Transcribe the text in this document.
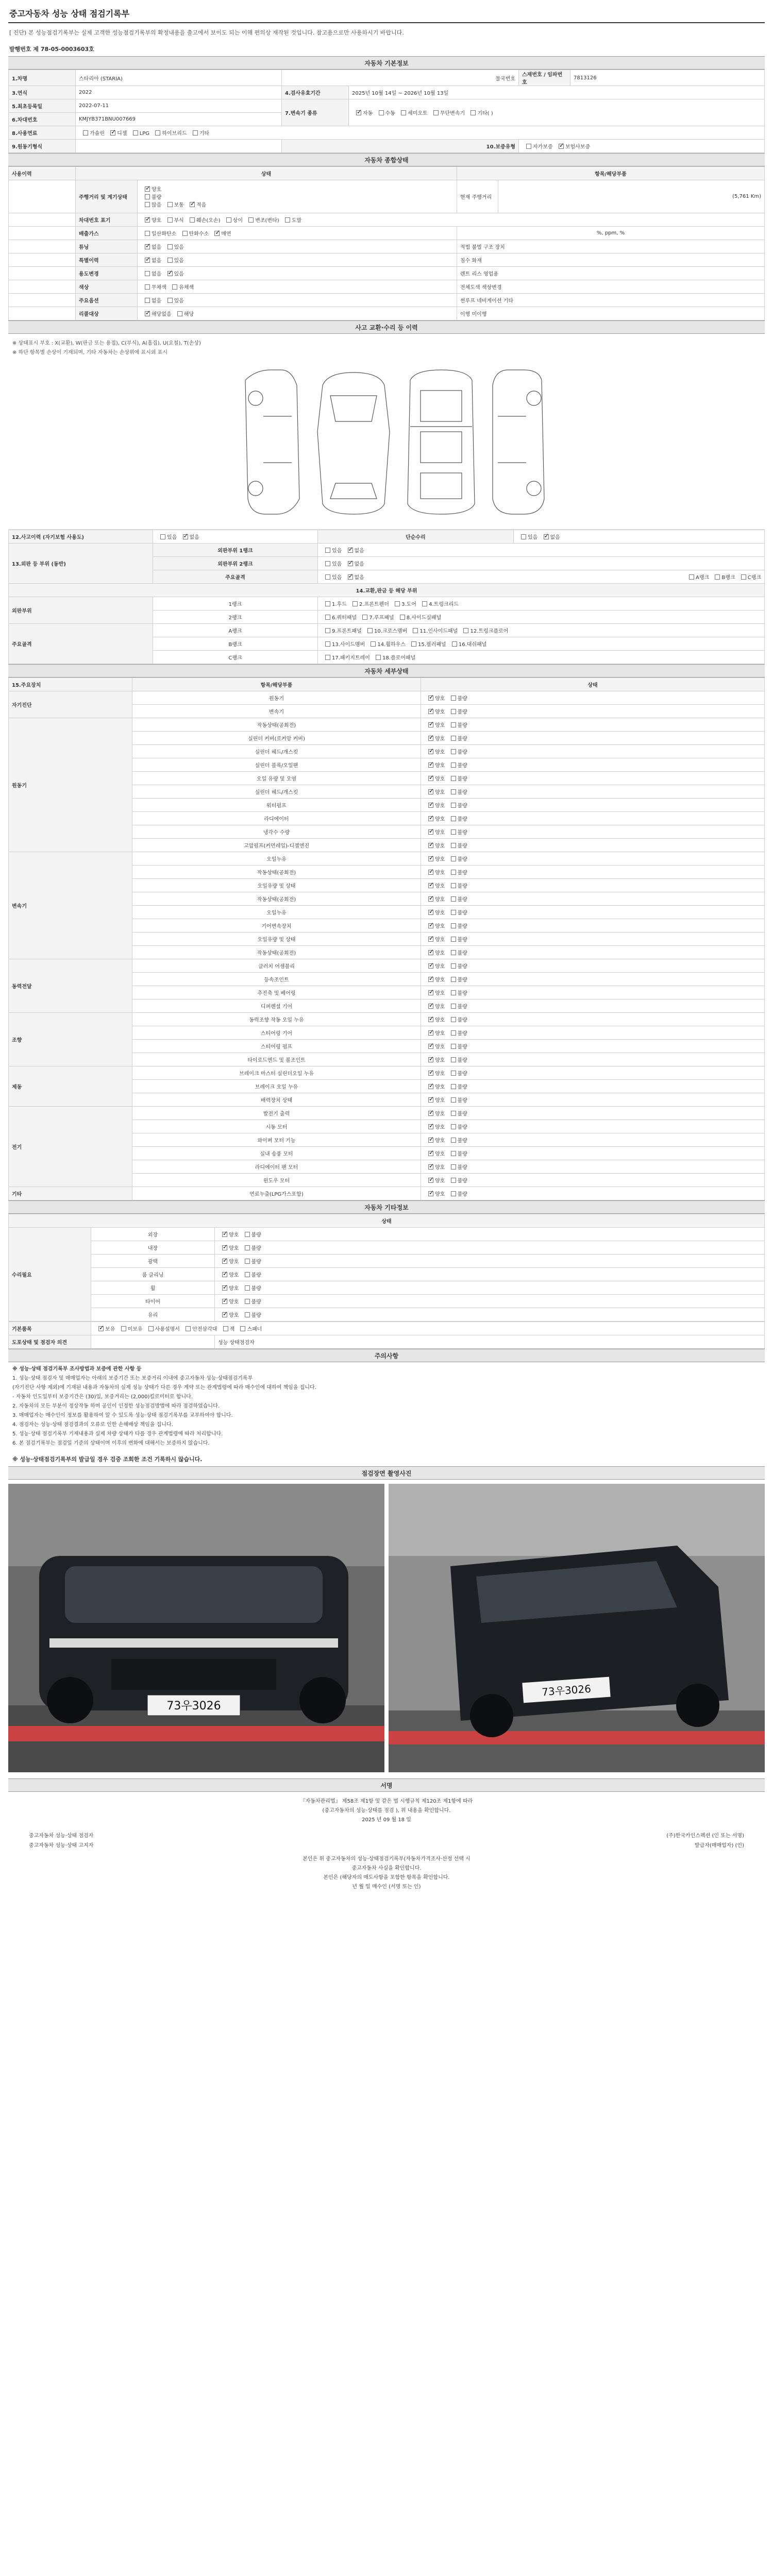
중고자동차 성능 상태 점검기록부
[ 진단) 본 성능점검기록부는 실제 고객한 성능점검기록부의 확정내용을 출고에서 보이도 되는 이해 편의상 재작된 것입니다. 참고용으로만 사용하시기 바랍니다.
발행번호 제 78-05-0003603호
자동차 기본정보
1.차명	스타리아 (STARIA)	물국번호		스재번호 / 임파번호	7813126
3.연식	2022	4.검사유효기간	2025년 10월 14일 ~ 2026년 10월 13일		
5.최초등록일	2022-07-11	7.변속기 종류	✓자동 수동 세미오토 무단변속기 기타( )
6.차대번호	KMJYB371BNU007669				
8.사용연료	가솔린 ✓ 디젤 LPG 하이브리드 기타
9.원동기형식		10.보증유형		자가보증 ✓ 보험사보증
자동차 종합상태
사용이력	상태		항목/해당부품	
	주행거리 및 계기상태	
✓양호
불량
많음 보통 ✓적음	현재 주행거리	(5,761 Km)
	차대번호 표기	✓양호 부식 훼손(오손) 상이 변조(변타) 도말
	배출가스	일산화탄소 탄화수소 ✓ 매연	%, ppm, %	
	튜닝	✓없음 있음	적법 불법 구조 장치	
	특별이력	✓없음 있음	침수 화재	
	용도변경	없음 ✓ 있음	렌트 리스 영업용	
	색상	무채색 유채색	전체도색 색상변경	
	주요옵션	없음 있음	썬루프 네비게이션 기타	
	리콜대상	✓해당없음 해당	이행 미이행	
사고 교환·수리 등 이력
※ 상태표시 부호 : X(교환), W(판금 또는 용접), C(부식), A(흠집), U(요철), T(손상)
※ 하단 항목별 손상이 기재되며, 기타 자동차는 손상위에 표시외 표시
12.사고이력 (자기보험 사용도)	있음 ✓없음	단순수리	있음 ✓없음
13.외판 등 부위 (동반)	외판부위 1랭크	있음 ✓없음
	외판부위 2랭크	있음 ✓없음
	주요골격	있음 ✓없음 A랭크 B랭크 C랭크

14.교환,판금 등 해당 부위			
외판부위	1랭크	1.후드 2.프론트펜더 3.도어 4.트렁크리드	
	2랭크	6.쿼터패널 7.루프패널 8.사이드실패널	
주요골격	A랭크	9.프론트패널 10.크로스멤버 11.인사이드패널 12.트렁크플로어	
	B랭크	13.사이드멤버 14.휠하우스 15.필러패널 16.대쉬패널	
	C랭크	17.패키지트레이 18.플로어패널	
자동차 세부상태
15.주요장치	항목/해당부품	상태
자기진단	원동기	✓양호 불량
	변속기	✓양호 불량
원동기	작동상태(공회전)	✓양호 불량
	실린더 커버(로커암 커버)	✓양호 불량
	실린더 헤드/개스킷	✓양호 불량
	실린더 블록/오일팬	✓양호 불량
	오일 유량 및 오염	✓양호 불량
	실린더 헤드/개스킷	✓양호 불량
	워터펌프	✓양호 불량
	라디에이터	✓양호 불량
	냉각수 수량	✓양호 불량
	고압펌프(커먼레일)-디젤엔진	✓양호 불량
변속기	오일누유	✓양호 불량
	작동상태(공회전)	✓양호 불량
	오일유량 및 상태	✓양호 불량
	작동상태(공회전)	✓양호 불량
	오일누유	✓양호 불량
	기어변속장치	✓양호 불량
	오일유량 및 상태	✓양호 불량
	작동상태(공회전)	✓양호 불량
동력전달	클러치 어셈블리	✓양호 불량
	등속조인트	✓양호 불량
	추진축 및 베어링	✓양호 불량
	디퍼렌셜 기어	✓양호 불량
조향	동력조향 작동 오일 누유	✓양호 불량
	스티어링 기어	✓양호 불량
	스티어링 펌프	✓양호 불량
	타이로드엔드 및 볼조인트	✓양호 불량
제동	브레이크 마스터 실린더오일 누유	✓양호 불량
	브레이크 오일 누유	✓양호 불량
	배력장치 상태	✓양호 불량
전기	발전기 출력	✓양호 불량
	시동 모터	✓양호 불량
	와이퍼 모터 기능	✓양호 불량
	실내 송풍 모터	✓양호 불량
	라디에이터 팬 모터	✓양호 불량
	윈도우 모터	✓양호 불량
기타	연료누출(LPG가스포함)	✓양호 불량
자동차 기타정보
상태		
수리필요	외장	✓양호 불량
	내장	✓양호 불량
	광택	✓양호 불량
	룸 클리닝	✓양호 불량
	휠	✓양호 불량
	타이어	✓양호 불량
	유리	✓양호 불량
기본품목	✓보유 미보유 사용설명서 안전삼각대 잭 스패너
도포상태 및 점검자 의견		성능 상태점검자
주의사항

※ 성능·상태 점검기록부 조사방법과 보증에 관한 사항 등

1. 성능·상태 점검자 및 매매업자는 아래의 보증기간 또는 보증거리 이내에 중고자동차 성능·상태점검기록부

(자기진단 사항 제외)에 기재된 내용과 자동차의 실제 성능 상태가 다른 경우 계약 또는 관계법령에 따라 매수인에 대하여 책임을 집니다.

- 자동차 인도일부터 보증기간은 (30)일, 보증거리는 (2,000)킬로미터로 합니다.

2. 자동차의 모든 부분이 정상작동 하며 공인이 인정한 성능점검방법에 따라 점검하였습니다.

3. 매매업자는 매수인이 정보를 활용하여 알 수 있도록 성능·상태 점검기록부를 교부하여야 합니다.

4. 점검자는 성능·상태 점검결과의 오류로 인한 손해배상 책임을 집니다.

5. 성능·상태 점검기록부 기재내용과 실제 차량 상태가 다를 경우 관계법령에 따라 처리합니다.

6. 본 점검기록부는 점검일 기준의 상태이며 이후의 변화에 대해서는 보증하지 않습니다.

※ 성능·상태점검기록부의 발급일 경우 검증 조회한 조건 기록하시 않습니다.
점검장면 촬영사진
73우3026
73우3026
서명
『자동차관리법』 제58조 제1항 및 같은 법 시행규칙 제120조 제1항에 따라
(중고자동차의 성능·상태를 점검 ), 위 내용을 확인합니다.
2025 년 09 월 18 일
중고자동차 성능·상태 점검자	(주)한국카인스펙션 (인 또는 서명)
중고자동차 성능·상태 고지자	발급자(매매업자) (인)
본인은 위 중고자동차의 성능·상태점검기록부(자동차가격조사·산정 선택 시
중고자동차 사실을 확인합니다.
본인은 (해당자의 매도사항을 포함한 항목을 확인합니다.
년 월 일 매수인 (서명 또는 인)
